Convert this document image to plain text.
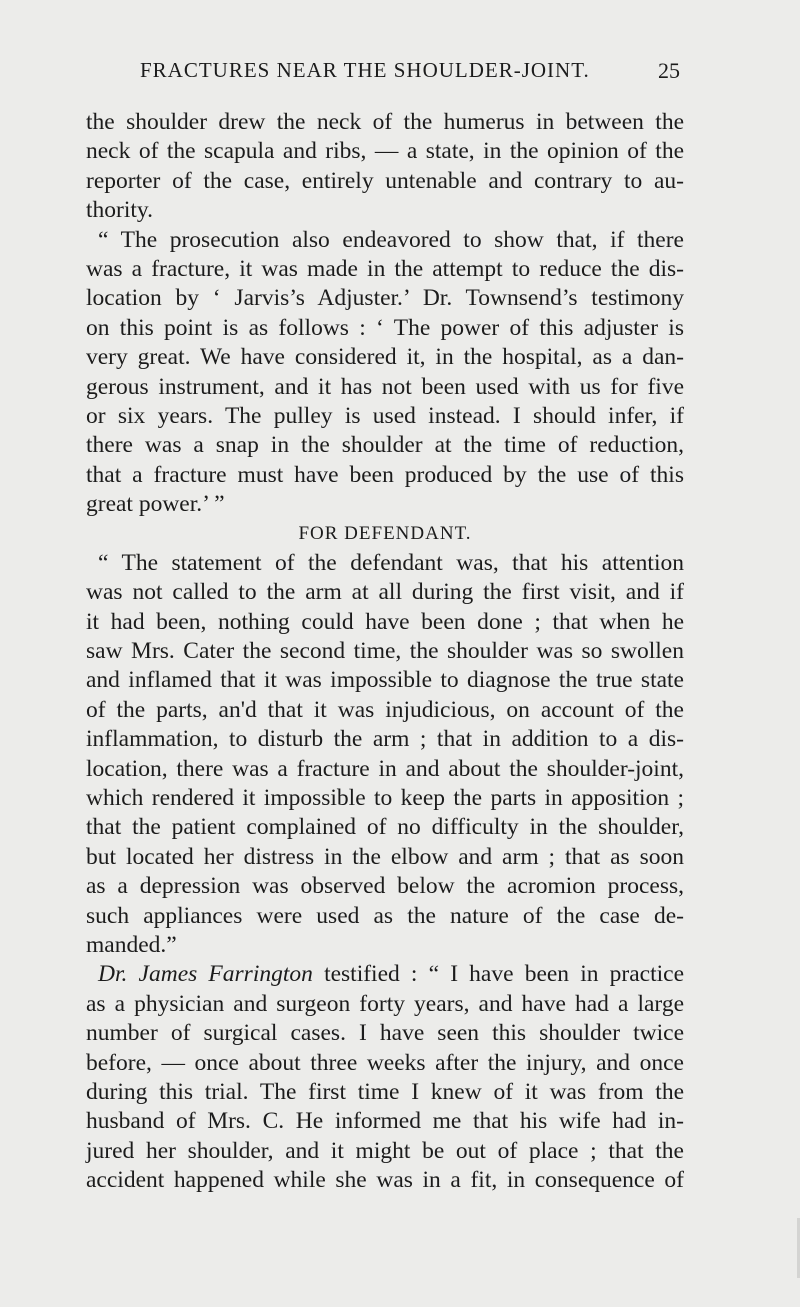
FRACTURES NEAR THE SHOULDER-JOINT.	25
the shoulder drew the neck of the humerus in between the
neck of the scapula and ribs, — a state, in the opinion of the
reporter of the case, entirely untenable and contrary to au-
thority.
“ The prosecution also endeavored to show that, if there
was a fracture, it was made in the attempt to reduce the dis-
location by ‘ Jarvis’s Adjuster.’ Dr. Townsend’s testimony
on this point is as follows : ‘ The power of this adjuster is
very great. We have considered it, in the hospital, as a dan-
gerous instrument, and it has not been used with us for five
or six years. The pulley is used instead. I should infer, if
there was a snap in the shoulder at the time of reduction,
that a fracture must have been produced by the use of this
great power.’ ”
FOR DEFENDANT.
“ The statement of the defendant was, that his attention
was not called to the arm at all during the first visit, and if
it had been, nothing could have been done ; that when he
saw Mrs. Cater the second time, the shoulder was so swollen
and inflamed that it was impossible to diagnose the true state
of the parts, an'd that it was injudicious, on account of the
inflammation, to disturb the arm ; that in addition to a dis-
location, there was a fracture in and about the shoulder-joint,
which rendered it impossible to keep the parts in apposition ;
that the patient complained of no difficulty in the shoulder,
but located her distress in the elbow and arm ; that as soon
as a depression was observed below the acromion process,
such appliances were used as the nature of the case de-
manded.”
Dr. James Farrington testified : “ I have been in practice
as a physician and surgeon forty years, and have had a large
number of surgical cases. I have seen this shoulder twice
before, — once about three weeks after the injury, and once
during this trial. The first time I knew of it was from the
husband of Mrs. C. He informed me that his wife had in-
jured her shoulder, and it might be out of place ; that the
accident happened while she was in a fit, in consequence of
